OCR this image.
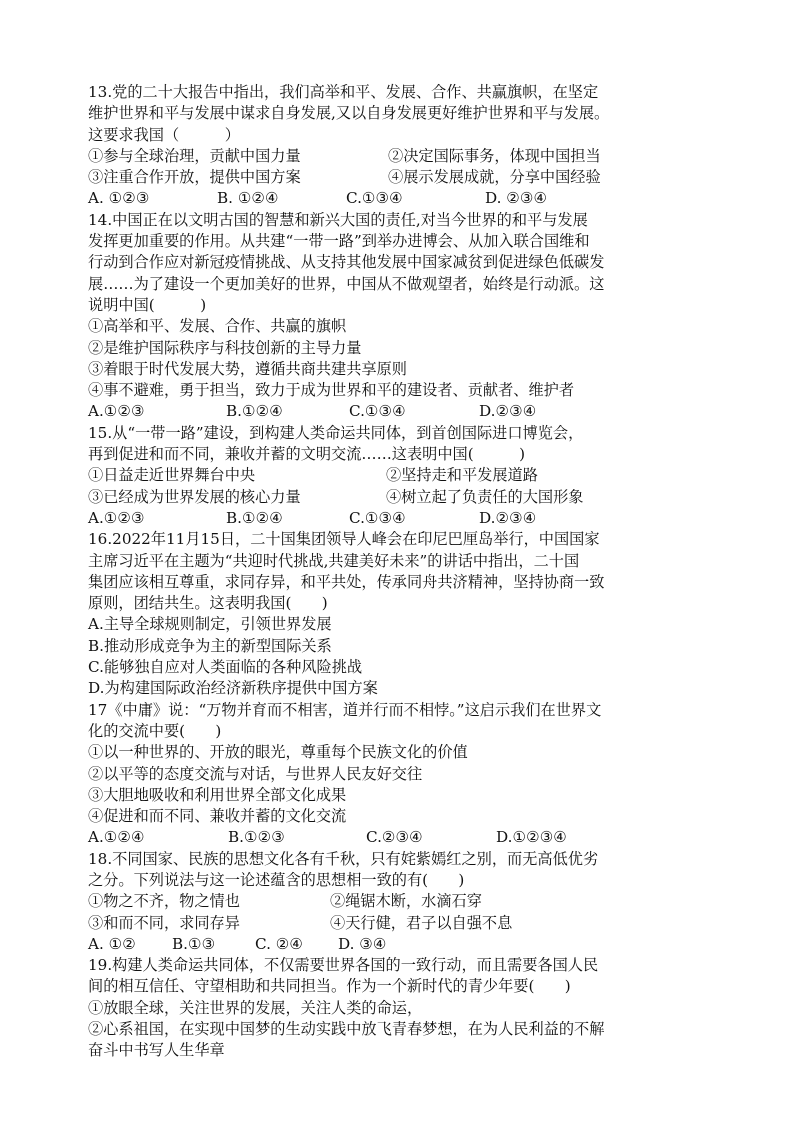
13.党的二十大报告中指出，我们高举和平、发展、合作、共赢旗帜，在坚定
维护世界和平与发展中谋求自身发展,又以自身发展更好维护世界和平与发展。
这要求我国（　　　）
①参与全球治理，贡献中国力量	②决定国际事务，体现中国担当
③注重合作开放，提供中国方案	④展示发展成就，分享中国经验
A. ①②③	B. ①②④	C.①③④	D. ②③④
14.中国正在以文明古国的智慧和新兴大国的责任,对当今世界的和平与发展
发挥更加重要的作用。从共建“一带一路”到举办进博会、从加入联合国维和
行动到合作应对新冠疫情挑战、从支持其他发展中国家减贫到促进绿色低碳发
展……为了建设一个更加美好的世界，中国从不做观望者，始终是行动派。这
说明中国(　　　)
①高举和平、发展、合作、共赢的旗帜
②是维护国际秩序与科技创新的主导力量
③着眼于时代发展大势，遵循共商共建共享原则
④事不避难，勇于担当，致力于成为世界和平的建设者、贡献者、维护者
A.①②③	B.①②④	C.①③④	D.②③④
15.从“一带一路”建设，到构建人类命运共同体，到首创国际进口博览会，
再到促进和而不同，兼收并蓄的文明交流……这表明中国(　　　)
①日益走近世界舞台中央	②坚持走和平发展道路
③已经成为世界发展的核心力量	④树立起了负责任的大国形象
A.①②③	B.①②④	C.①③④	D.②③④
16.2022年11月15日，二十国集团领导人峰会在印尼巴厘岛举行，中国国家
主席习近平在主题为“共迎时代挑战,共建美好未来”的讲话中指出，二十国
集团应该相互尊重，求同存异，和平共处，传承同舟共济精神，坚持协商一致
原则，团结共生。这表明我国(　　)
A.主导全球规则制定，引领世界发展
B.推动形成竞争为主的新型国际关系
C.能够独自应对人类面临的各种风险挑战
D.为构建国际政治经济新秩序提供中国方案
17《中庸》说：“万物并育而不相害，道并行而不相悖。”这启示我们在世界文
化的交流中要(　　)
①以一种世界的、开放的眼光，尊重每个民族文化的价值
②以平等的态度交流与对话，与世界人民友好交往
③大胆地吸收和利用世界全部文化成果
④促进和而不同、兼收并蓄的文化交流
A.①②④	B.①②③	C.②③④	D.①②③④
18.不同国家、民族的思想文化各有千秋，只有姹紫嫣红之别，而无高低优劣
之分。下列说法与这一论述蕴含的思想相一致的有(　　)
①物之不齐，物之情也	②绳锯木断，水滴石穿
③和而不同，求同存异	④天行健，君子以自强不息
A. ①②	B.①③	C. ②④	D. ③④
19.构建人类命运共同体，不仅需要世界各国的一致行动，而且需要各国人民
间的相互信任、守望相助和共同担当。作为一个新时代的青少年要(　　)
①放眼全球，关注世界的发展，关注人类的命运，
②心系祖国，在实现中国梦的生动实践中放飞青春梦想，在为人民利益的不解
奋斗中书写人生华章
